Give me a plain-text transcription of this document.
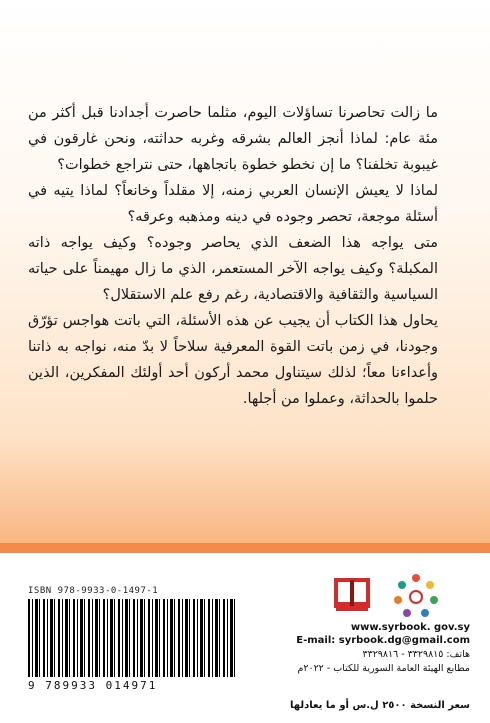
ما زالت تحاصرنا تساؤلات اليوم، مثلما حاصرت أجدادنا قبل أكثر من مئة عام: لماذا أنجز العالم بشرقه وغربه حداثته، ونحن غارقون في غيبوبة تخلفنا؟ ما إن نخطو خطوة باتجاهها، حتى نتراجع خطوات؟

لماذا لا يعيش الإنسان العربي زمنه، إلا مقلداً وخانعاً؟ لماذا يتيه في أسئلة موجعة، تحصر وجوده في دينه ومذهبه وعرقه؟

متى يواجه هذا الضعف الذي يحاصر وجوده؟ وكيف يواجه ذاته المكبلة؟ وكيف يواجه الآخر المستعمر، الذي ما زال مهيمناً على حياته السياسية والثقافية والاقتصادية، رغم رفع علم الاستقلال؟

يحاول هذا الكتاب أن يجيب عن هذه الأسئلة، التي باتت هواجس تؤرّق وجودنا، في زمن باتت القوة المعرفية سلاحاً لا بدّ منه، نواجه به ذاتنا وأعداءنا معاً؛ لذلك سيتناول محمد أركون أحد أولئك المفكرين، الذين حلموا بالحداثة، وعملوا من أجلها.

ISBN 978-9933-0-1497-1
9 789933 014971
www.syrbook. gov.sy
E-mail: syrbook.dg@gmail.com
هاتف: ٣٣٢٩٨١٥ - ٣٣٢٩٨١٦
مطابع الهيئة العامة السورية للكتاب - ٢٠٢٢م
سعر النسخة ٢٥٠٠ ل.س أو ما يعادلها
